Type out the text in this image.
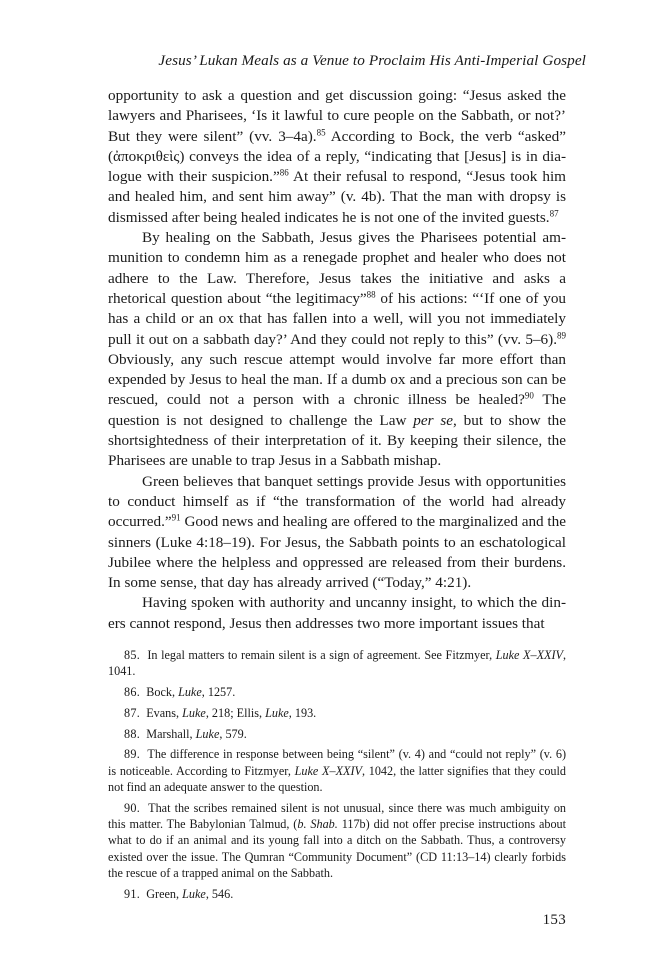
Jesus’ Lukan Meals as a Venue to Proclaim His Anti-Imperial Gospel

opportunity to ask a question and get discussion going: “Jesus asked the lawyers and Pharisees, ‘Is it lawful to cure people on the Sabbath, or not?’ But they were silent” (vv. 3–4a).$^{85}$ According to Bock, the verb “asked” (ἀποκριθεὶς) conveys the idea of a reply, “indicating that [Jesus] is in dialogue with their suspicion.”$^{86}$ At their refusal to respond, “Jesus took him and healed him, and sent him away” (v. 4b). That the man with dropsy is dismissed after being healed indicates he is not one of the invited guests.$^{87}$

By healing on the Sabbath, Jesus gives the Pharisees potential ammunition to condemn him as a renegade prophet and healer who does not adhere to the Law. Therefore, Jesus takes the initiative and asks a rhetorical question about “the legitimacy”$^{88}$ of his actions: “‘If one of you has a child or an ox that has fallen into a well, will you not immediately pull it out on a sabbath day?’ And they could not reply to this” (vv. 5–6).$^{89}$ Obviously, any such rescue attempt would involve far more effort than expended by Jesus to heal the man. If a dumb ox and a precious son can be rescued, could not a person with a chronic illness be healed?$^{90}$ The question is not designed to challenge the Law per se, but to show the shortsightedness of their interpretation of it. By keeping their silence, the Pharisees are unable to trap Jesus in a Sabbath mishap.

Green believes that banquet settings provide Jesus with opportunities to conduct himself as if “the transformation of the world had already occurred.”$^{91}$ Good news and healing are offered to the marginalized and the sinners (Luke 4:18–19). For Jesus, the Sabbath points to an eschatological Jubilee where the helpless and oppressed are released from their burdens. In some sense, that day has already arrived (“Today,” 4:21).

Having spoken with authority and uncanny insight, to which the diners cannot respond, Jesus then addresses two more important issues that

85. In legal matters to remain silent is a sign of agreement. See Fitzmyer, Luke X–XXIV, 1041.

86. Bock, Luke, 1257.

87. Evans, Luke, 218; Ellis, Luke, 193.

88. Marshall, Luke, 579.

89. The difference in response between being “silent” (v. 4) and “could not reply” (v. 6) is noticeable. According to Fitzmyer, Luke X–XXIV, 1042, the latter signifies that they could not find an adequate answer to the question.

90. That the scribes remained silent is not unusual, since there was much ambiguity on this matter. The Babylonian Talmud, (b. Shab. 117b) did not offer precise instructions about what to do if an animal and its young fall into a ditch on the Sabbath. Thus, a controversy existed over the issue. The Qumran “Community Document” (CD 11:13–14) clearly forbids the rescue of a trapped animal on the Sabbath.

91. Green, Luke, 546.

153
